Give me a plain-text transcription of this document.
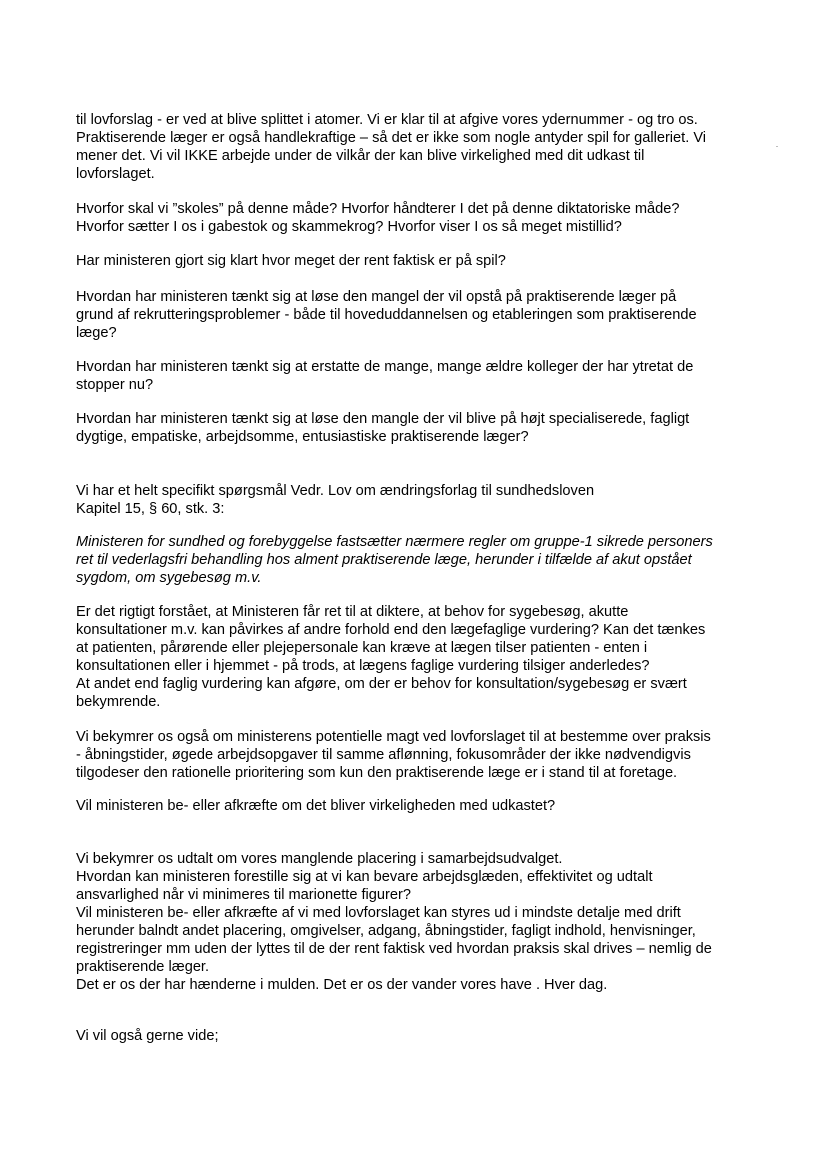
til lovforslag - er ved at blive splittet i atomer. Vi er klar til at afgive vores ydernummer - og tro os.
Praktiserende læger er også handlekraftige – så det er ikke som nogle antyder spil for galleriet. Vi
mener det. Vi vil IKKE arbejde under de vilkår der kan blive virkelighed med dit udkast til
lovforslaget.
Hvorfor skal vi ”skoles” på denne måde? Hvorfor håndterer I det på denne diktatoriske måde?
Hvorfor sætter I os i gabestok og skammekrog? Hvorfor viser I os så meget mistillid?
Har ministeren gjort sig klart hvor meget der rent faktisk er på spil?
Hvordan har ministeren tænkt sig at løse den mangel der vil opstå på praktiserende læger på
grund af rekrutteringsproblemer - både til hoveduddannelsen og etableringen som praktiserende
læge?
Hvordan har ministeren tænkt sig at erstatte de mange, mange ældre kolleger der har ytretat de
stopper nu?
Hvordan har ministeren tænkt sig at løse den mangle der vil blive på højt specialiserede, fagligt
dygtige, empatiske, arbejdsomme, entusiastiske praktiserende læger?
Vi har et helt specifikt spørgsmål Vedr. Lov om ændringsforlag til sundhedsloven
Kapitel 15, § 60, stk. 3:
Ministeren for sundhed og forebyggelse fastsætter nærmere regler om gruppe-1 sikrede personers
ret til vederlagsfri behandling hos alment praktiserende læge, herunder i tilfælde af akut opstået
sygdom, om sygebesøg m.v.
Er det rigtigt forstået, at Ministeren får ret til at diktere, at behov for sygebesøg, akutte
konsultationer m.v. kan påvirkes af andre forhold end den lægefaglige vurdering? Kan det tænkes
at patienten, pårørende eller plejepersonale kan kræve at lægen tilser patienten - enten i
konsultationen eller i hjemmet - på trods, at lægens faglige vurdering tilsiger anderledes?
At andet end faglig vurdering kan afgøre, om der er behov for konsultation/sygebesøg er svært
bekymrende.
Vi bekymrer os også om ministerens potentielle magt ved lovforslaget til at bestemme over praksis
- åbningstider, øgede arbejdsopgaver til samme aflønning, fokusområder der ikke nødvendigvis
tilgodeser den rationelle prioritering som kun den praktiserende læge er i stand til at foretage.
Vil ministeren be- eller afkræfte om det bliver virkeligheden med udkastet?
Vi bekymrer os udtalt om vores manglende placering i samarbejdsudvalget.
Hvordan kan ministeren forestille sig at vi kan bevare arbejdsglæden, effektivitet og udtalt
ansvarlighed når vi minimeres til marionette figurer?
Vil ministeren be- eller afkræfte af vi med lovforslaget kan styres ud i mindste detalje med drift
herunder balndt andet placering, omgivelser, adgang, åbningstider, fagligt indhold, henvisninger,
registreringer mm uden der lyttes til de der rent faktisk ved hvordan praksis skal drives – nemlig de
praktiserende læger.
Det er os der har hænderne i mulden. Det er os der vander vores have . Hver dag.
Vi vil også gerne vide;
